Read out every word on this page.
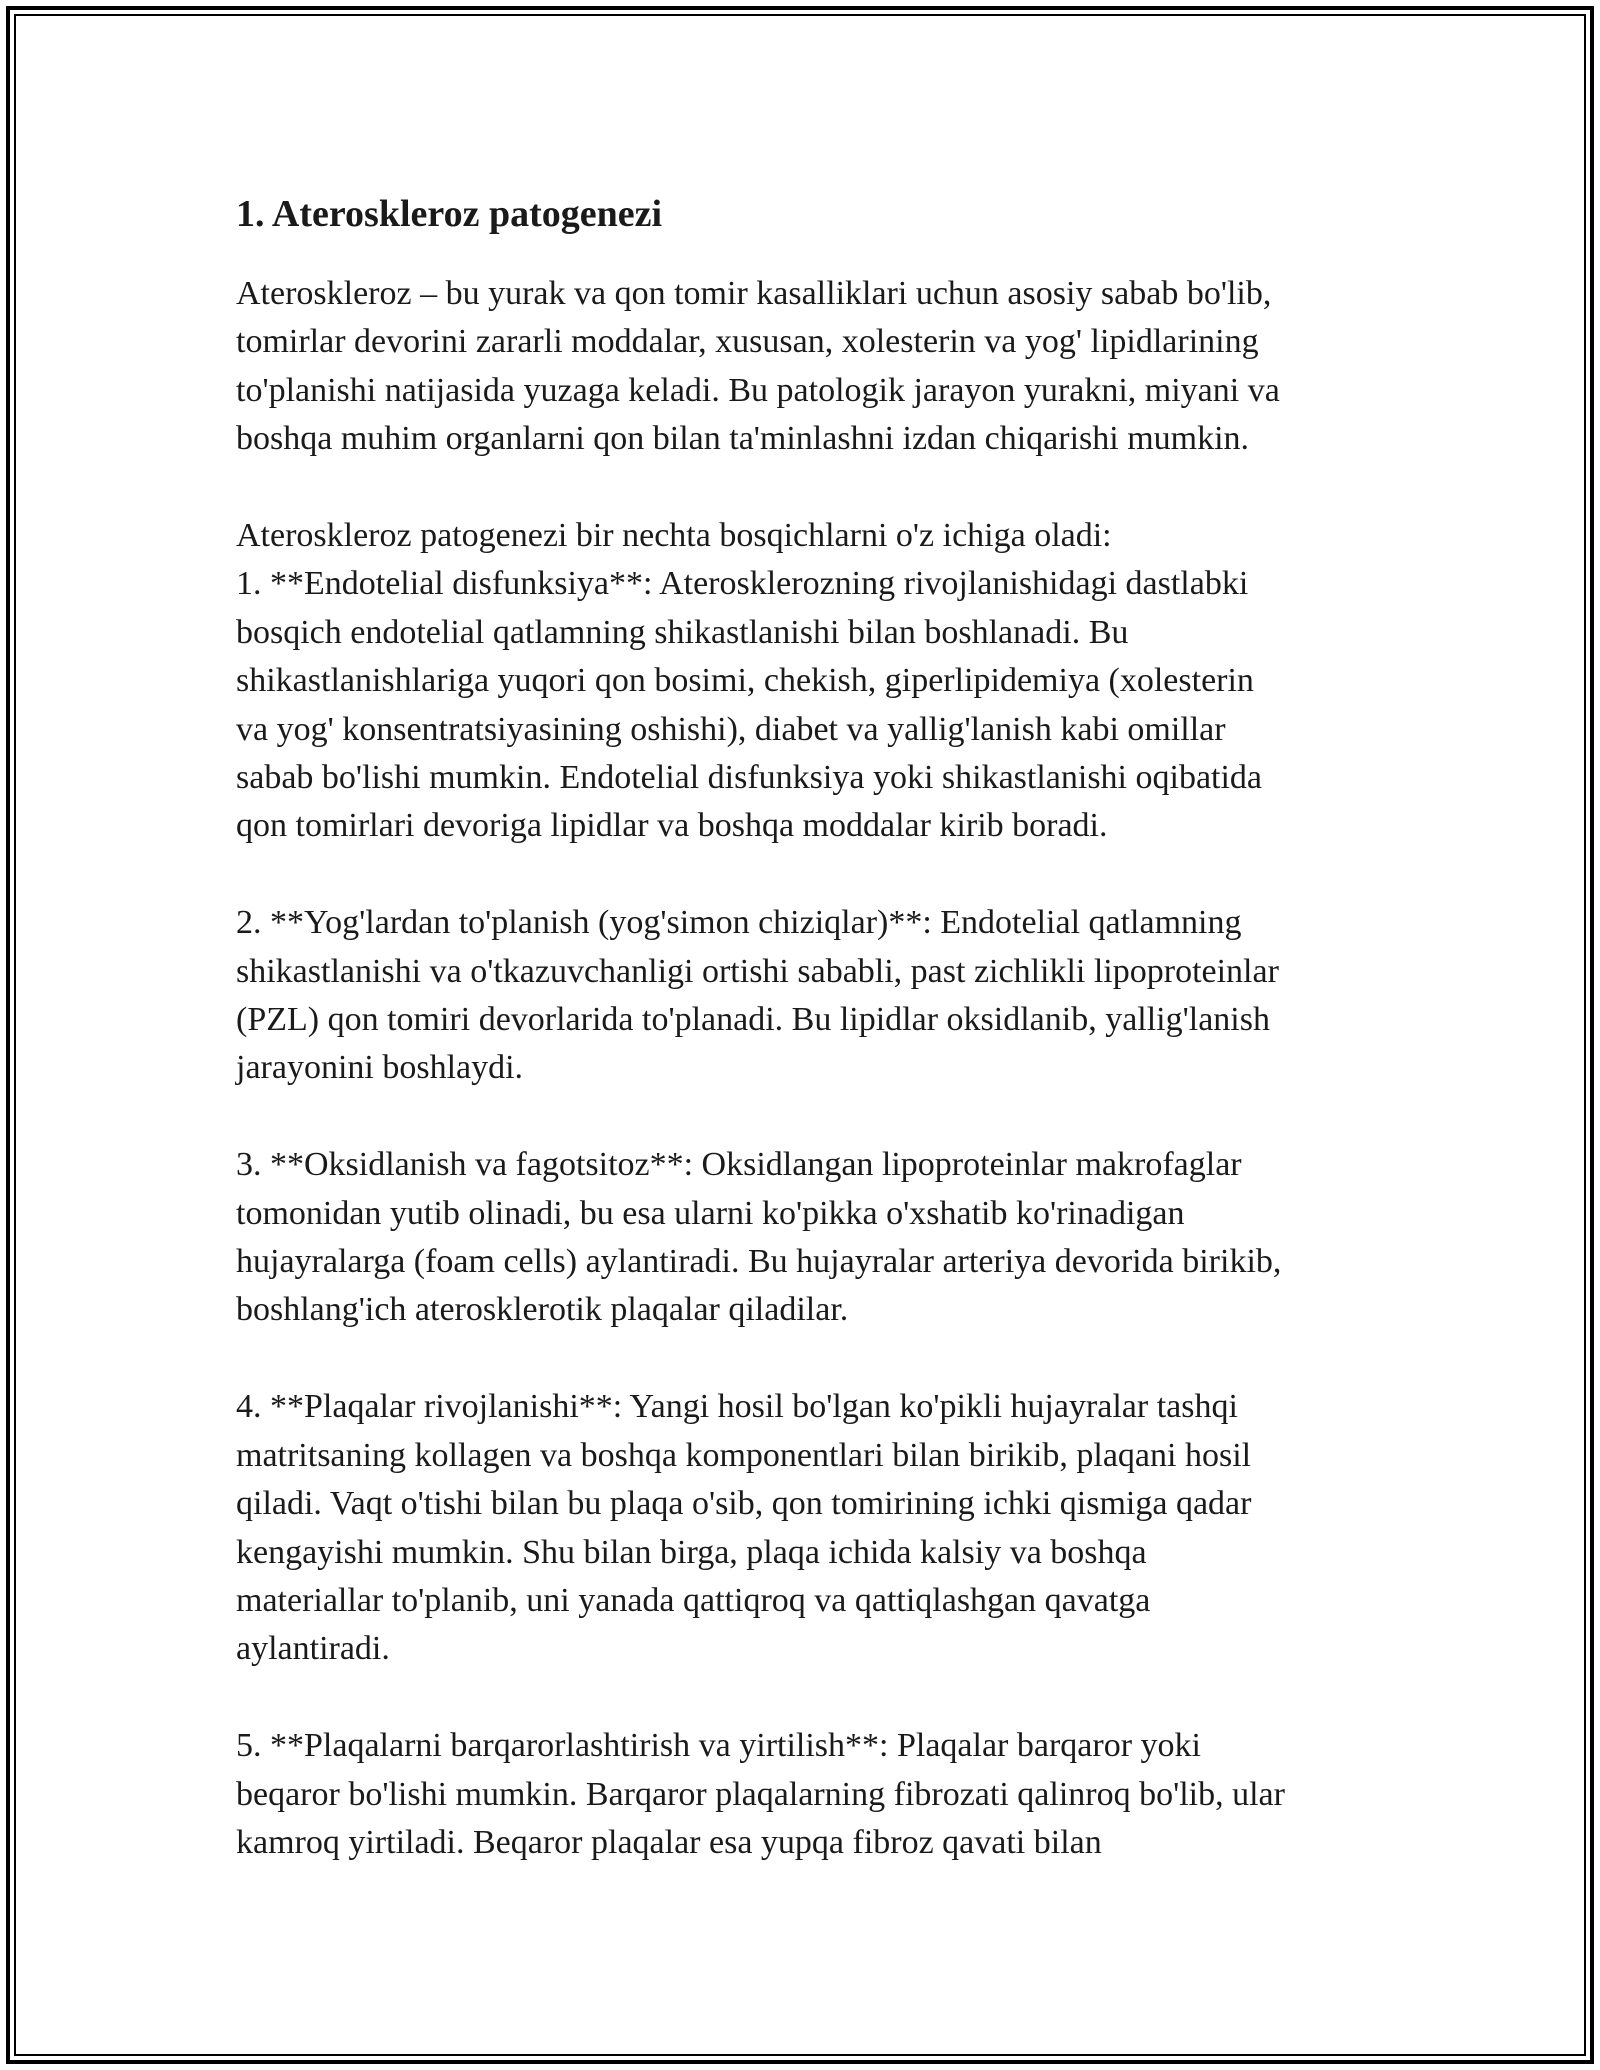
1. Ateroskleroz patogenezi

Ateroskleroz – bu yurak va qon tomir kasalliklari uchun asosiy sabab bo'lib,
tomirlar devorini zararli moddalar, xususan, xolesterin va yog' lipidlarining
to'planishi natijasida yuzaga keladi. Bu patologik jarayon yurakni, miyani va
boshqa muhim organlarni qon bilan ta'minlashni izdan chiqarishi mumkin.

Ateroskleroz patogenezi bir nechta bosqichlarni o'z ichiga oladi:

1. **Endotelial disfunksiya**: Aterosklerozning rivojlanishidagi dastlabki
bosqich endotelial qatlamning shikastlanishi bilan boshlanadi. Bu
shikastlanishlariga yuqori qon bosimi, chekish, giperlipidemiya (xolesterin
va yog' konsentratsiyasining oshishi), diabet va yallig'lanish kabi omillar
sabab bo'lishi mumkin. Endotelial disfunksiya yoki shikastlanishi oqibatida
qon tomirlari devoriga lipidlar va boshqa moddalar kirib boradi.

2. **Yog'lardan to'planish (yog'simon chiziqlar)**: Endotelial qatlamning
shikastlanishi va o'tkazuvchanligi ortishi sababli, past zichlikli lipoproteinlar
(PZL) qon tomiri devorlarida to'planadi. Bu lipidlar oksidlanib, yallig'lanish
jarayonini boshlaydi.

3. **Oksidlanish va fagotsitoz**: Oksidlangan lipoproteinlar makrofaglar
tomonidan yutib olinadi, bu esa ularni ko'pikka o'xshatib ko'rinadigan
hujayralarga (foam cells) aylantiradi. Bu hujayralar arteriya devorida birikib,
boshlang'ich aterosklerotik plaqalar qiladilar.

4. **Plaqalar rivojlanishi**: Yangi hosil bo'lgan ko'pikli hujayralar tashqi
matritsaning kollagen va boshqa komponentlari bilan birikib, plaqani hosil
qiladi. Vaqt o'tishi bilan bu plaqa o'sib, qon tomirining ichki qismiga qadar
kengayishi mumkin. Shu bilan birga, plaqa ichida kalsiy va boshqa
materiallar to'planib, uni yanada qattiqroq va qattiqlashgan qavatga
aylantiradi.

5. **Plaqalarni barqarorlashtirish va yirtilish**: Plaqalar barqaror yoki
beqaror bo'lishi mumkin. Barqaror plaqalarning fibrozati qalinroq bo'lib, ular
kamroq yirtiladi. Beqaror plaqalar esa yupqa fibroz qavati bilan
